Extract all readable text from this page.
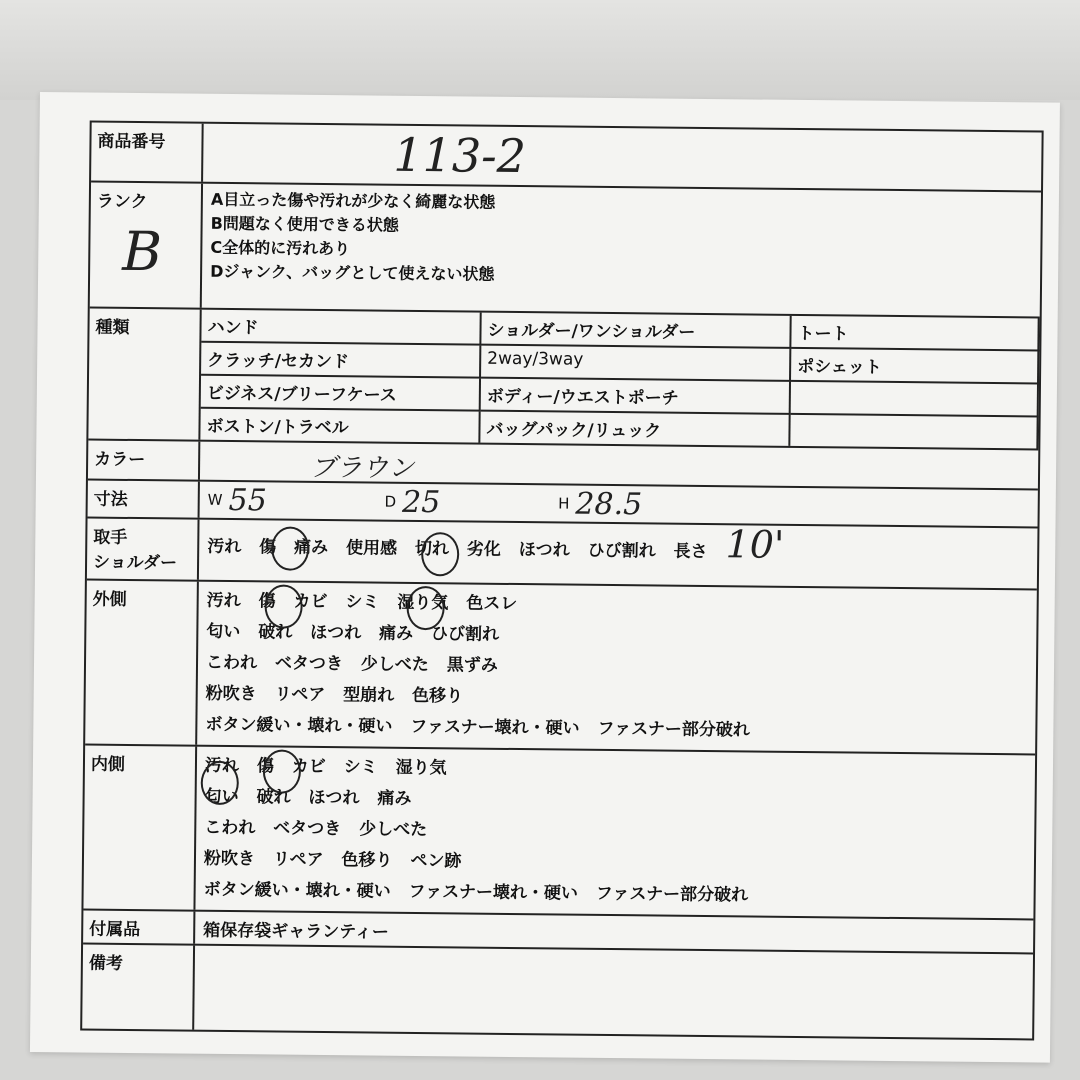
商品番号	113-2
ランク
B
A目立った傷や汚れが少なく綺麗な状態
B問題なく使用できる状態
C全体的に汚れあり
Dジャンク、バッグとして使えない状態
種類	ハンド	ショルダー/ワンショルダー	トート
クラッチ/セカンド	2way/3way	ポシェット
ビジネス/ブリーフケース	ボディー/ウエストポーチ
ボストン/トラベル	バッグパック/リュック
カラー	ブラウン
寸法	W 55	D 25	H 28.5
取手
ショルダー
汚れ 傷 痛み 使用感 切れ 劣化 ほつれ ひび割れ 長さ 10'
外側	汚れ 傷 カビ シミ 湿り気 色スレ
匂い 破れ ほつれ 痛み ひび割れ
こわれ ベタつき 少しべた 黒ずみ
粉吹き リペア 型崩れ 色移り
ボタン緩い・壊れ・硬い ファスナー壊れ・硬い ファスナー部分破れ
内側	汚れ 傷 カビ シミ 湿り気
匂い 破れ ほつれ 痛み
こわれ ベタつき 少しべた
粉吹き リペア 色移り ペン跡
ボタン緩い・壊れ・硬い ファスナー壊れ・硬い ファスナー部分破れ
付属品	箱保存袋ギャランティー
備考
